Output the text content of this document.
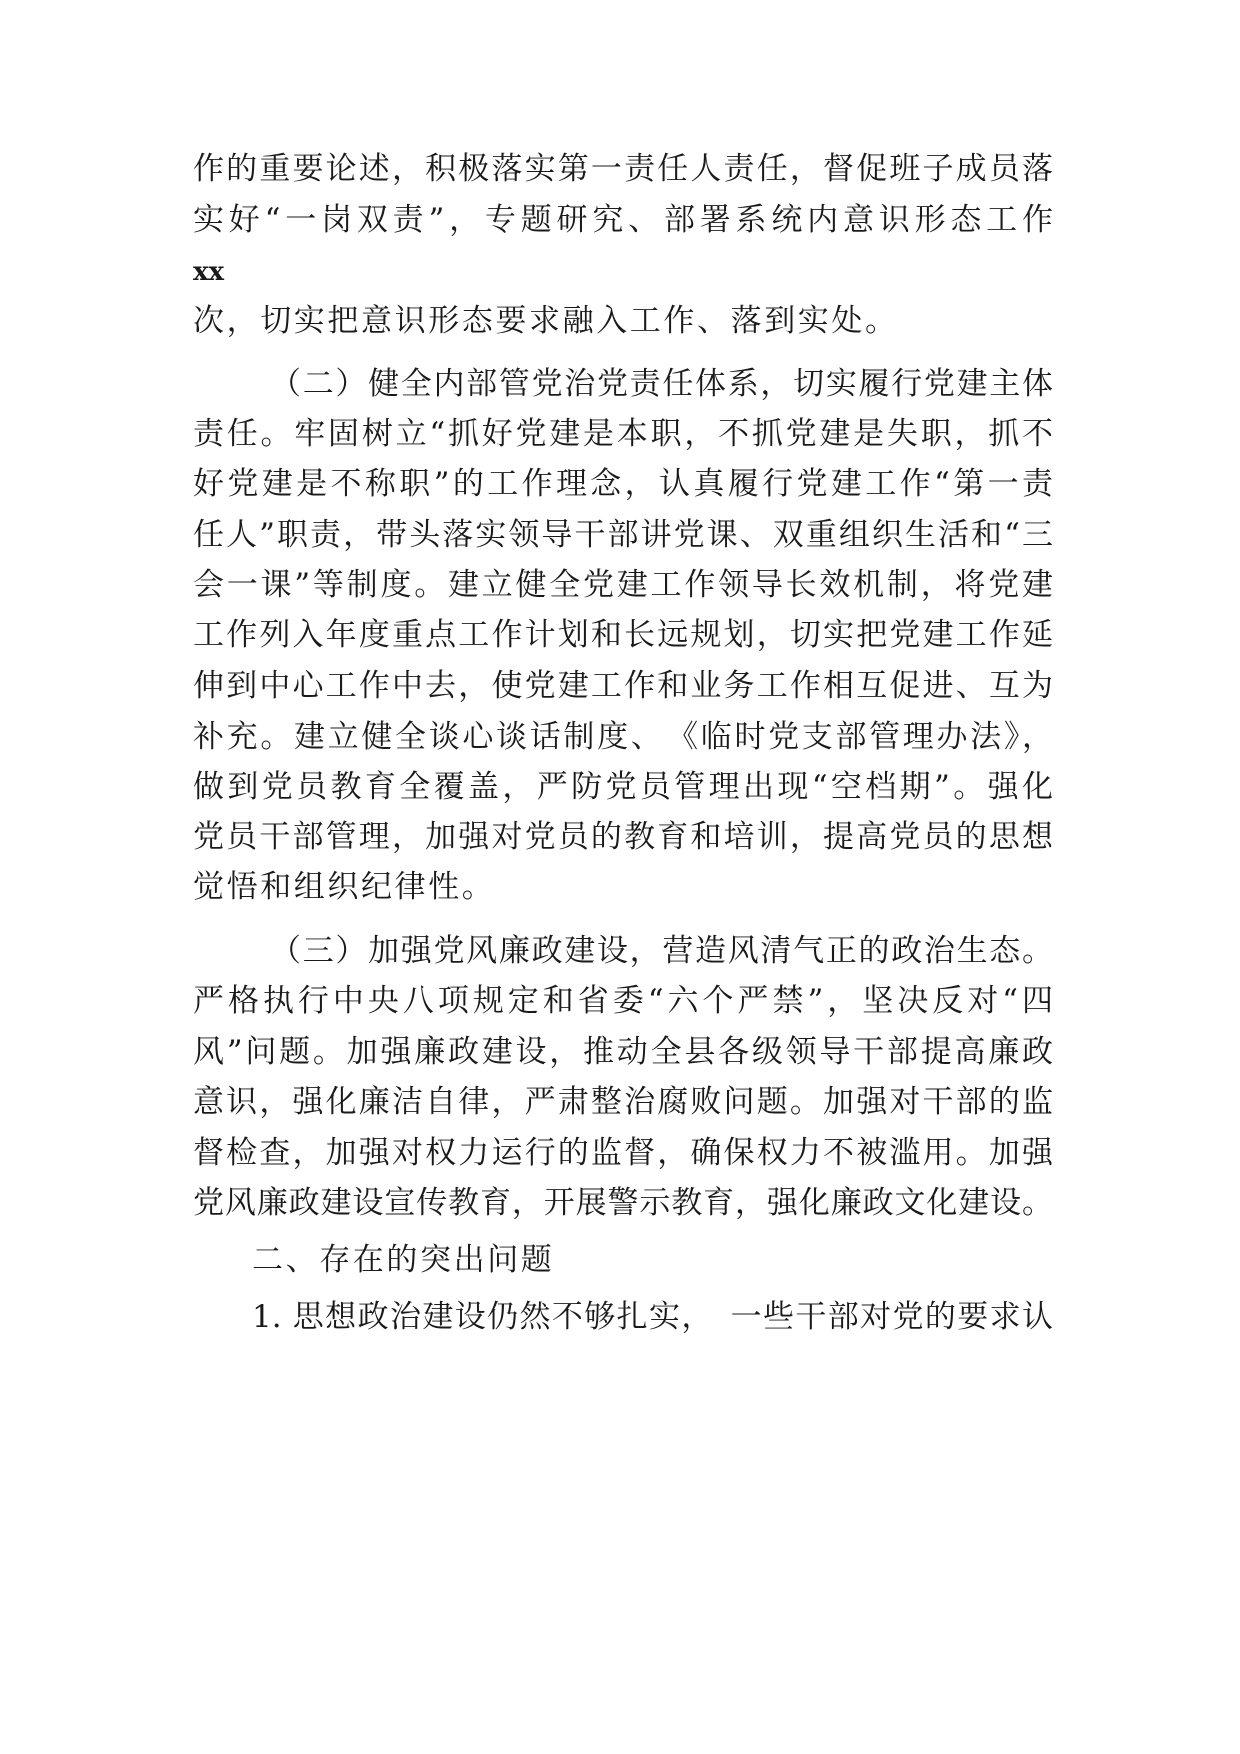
作的重要论述，积极落实第一责任人责任，督促班子成员落

实好“一岗双责”，专题研究、部署系统内意识形态工作

xx

次，切实把意识形态要求融入工作、落到实处。

（二）健全内部管党治党责任体系，切实履行党建主体

责任。牢固树立“抓好党建是本职，不抓党建是失职，抓不

好党建是不称职”的工作理念，认真履行党建工作“第一责

任人”职责，带头落实领导干部讲党课、双重组织生活和“三

会一课”等制度。建立健全党建工作领导长效机制，将党建

工作列入年度重点工作计划和长远规划，切实把党建工作延

伸到中心工作中去，使党建工作和业务工作相互促进、互为

补充。建立健全谈心谈话制度、　《临时党支部管理办法》，

做到党员教育全覆盖，严防党员管理出现“空档期”。强化

党员干部管理，加强对党员的教育和培训，提高党员的思想

觉悟和组织纪律性。

（三）加强党风廉政建设，营造风清气正的政治生态。

严格执行中央八项规定和省委“六个严禁”，坚决反对“四

风”问题。加强廉政建设，推动全县各级领导干部提高廉政

意识，强化廉洁自律，严肃整治腐败问题。加强对干部的监

督检查，加强对权力运行的监督，确保权力不被滥用。加强

党风廉政建设宣传教育，开展警示教育，强化廉政文化建设。

二、存在的突出问题

1. 思想政治建设仍然不够扎实，　一些干部对党的要求认
